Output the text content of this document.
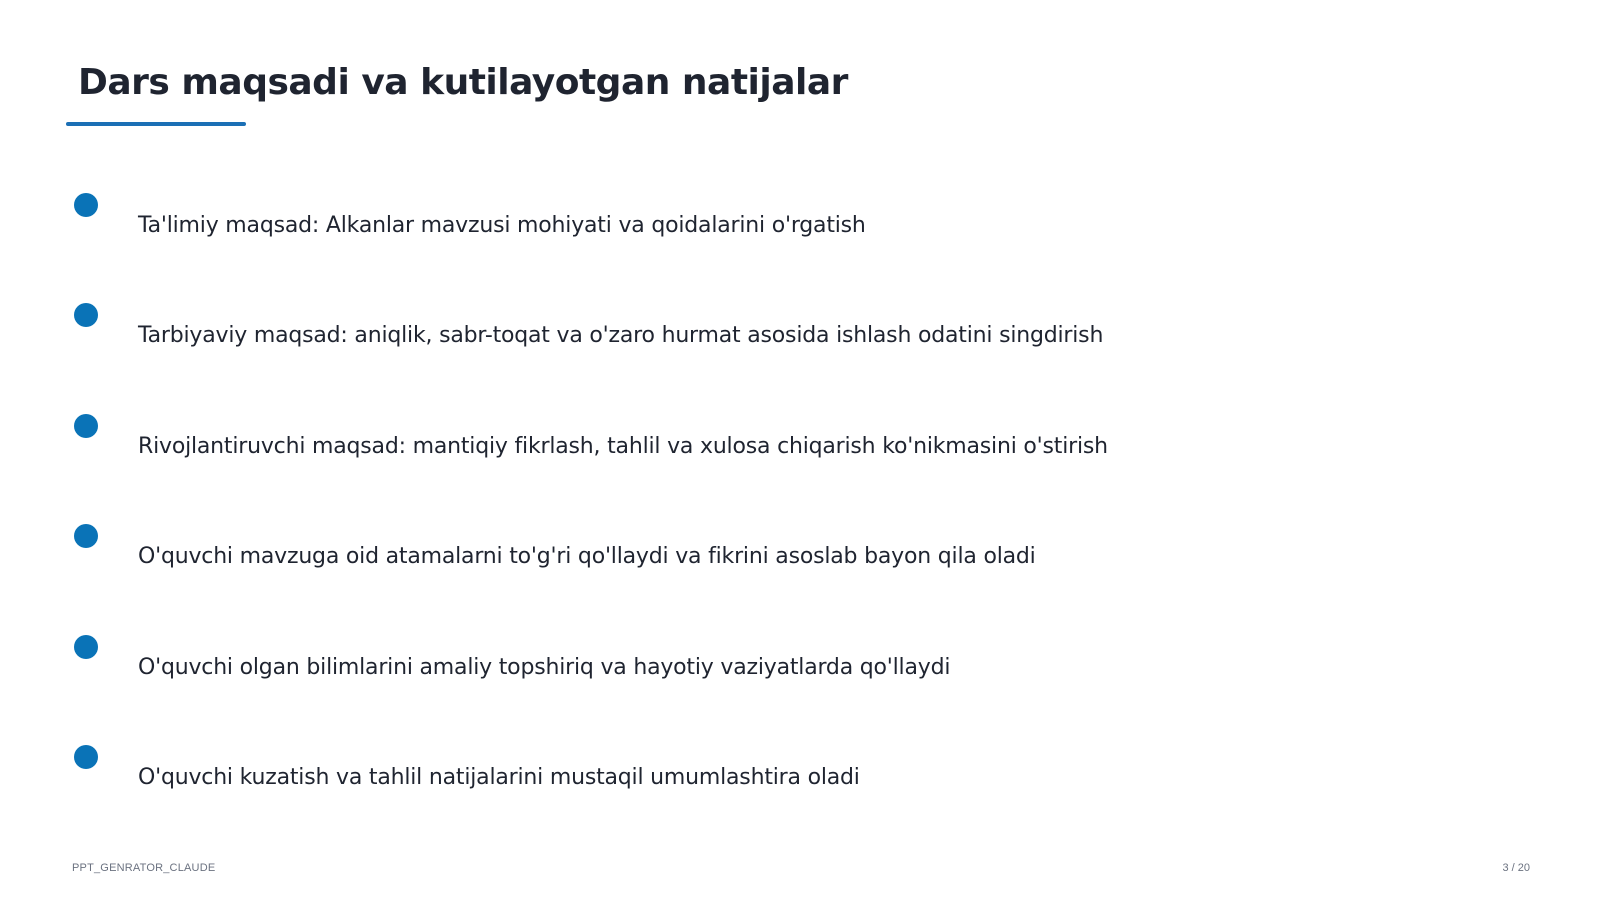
Dars maqsadi va kutilayotgan natijalar
Ta'limiy maqsad: Alkanlar mavzusi mohiyati va qoidalarini o'rgatish
Tarbiyaviy maqsad: aniqlik, sabr-toqat va o'zaro hurmat asosida ishlash odatini singdirish
Rivojlantiruvchi maqsad: mantiqiy fikrlash, tahlil va xulosa chiqarish ko'nikmasini o'stirish
O'quvchi mavzuga oid atamalarni to'g'ri qo'llaydi va fikrini asoslab bayon qila oladi
O'quvchi olgan bilimlarini amaliy topshiriq va hayotiy vaziyatlarda qo'llaydi
O'quvchi kuzatish va tahlil natijalarini mustaqil umumlashtira oladi
PPT_GENRATOR_CLAUDE	3 / 20
